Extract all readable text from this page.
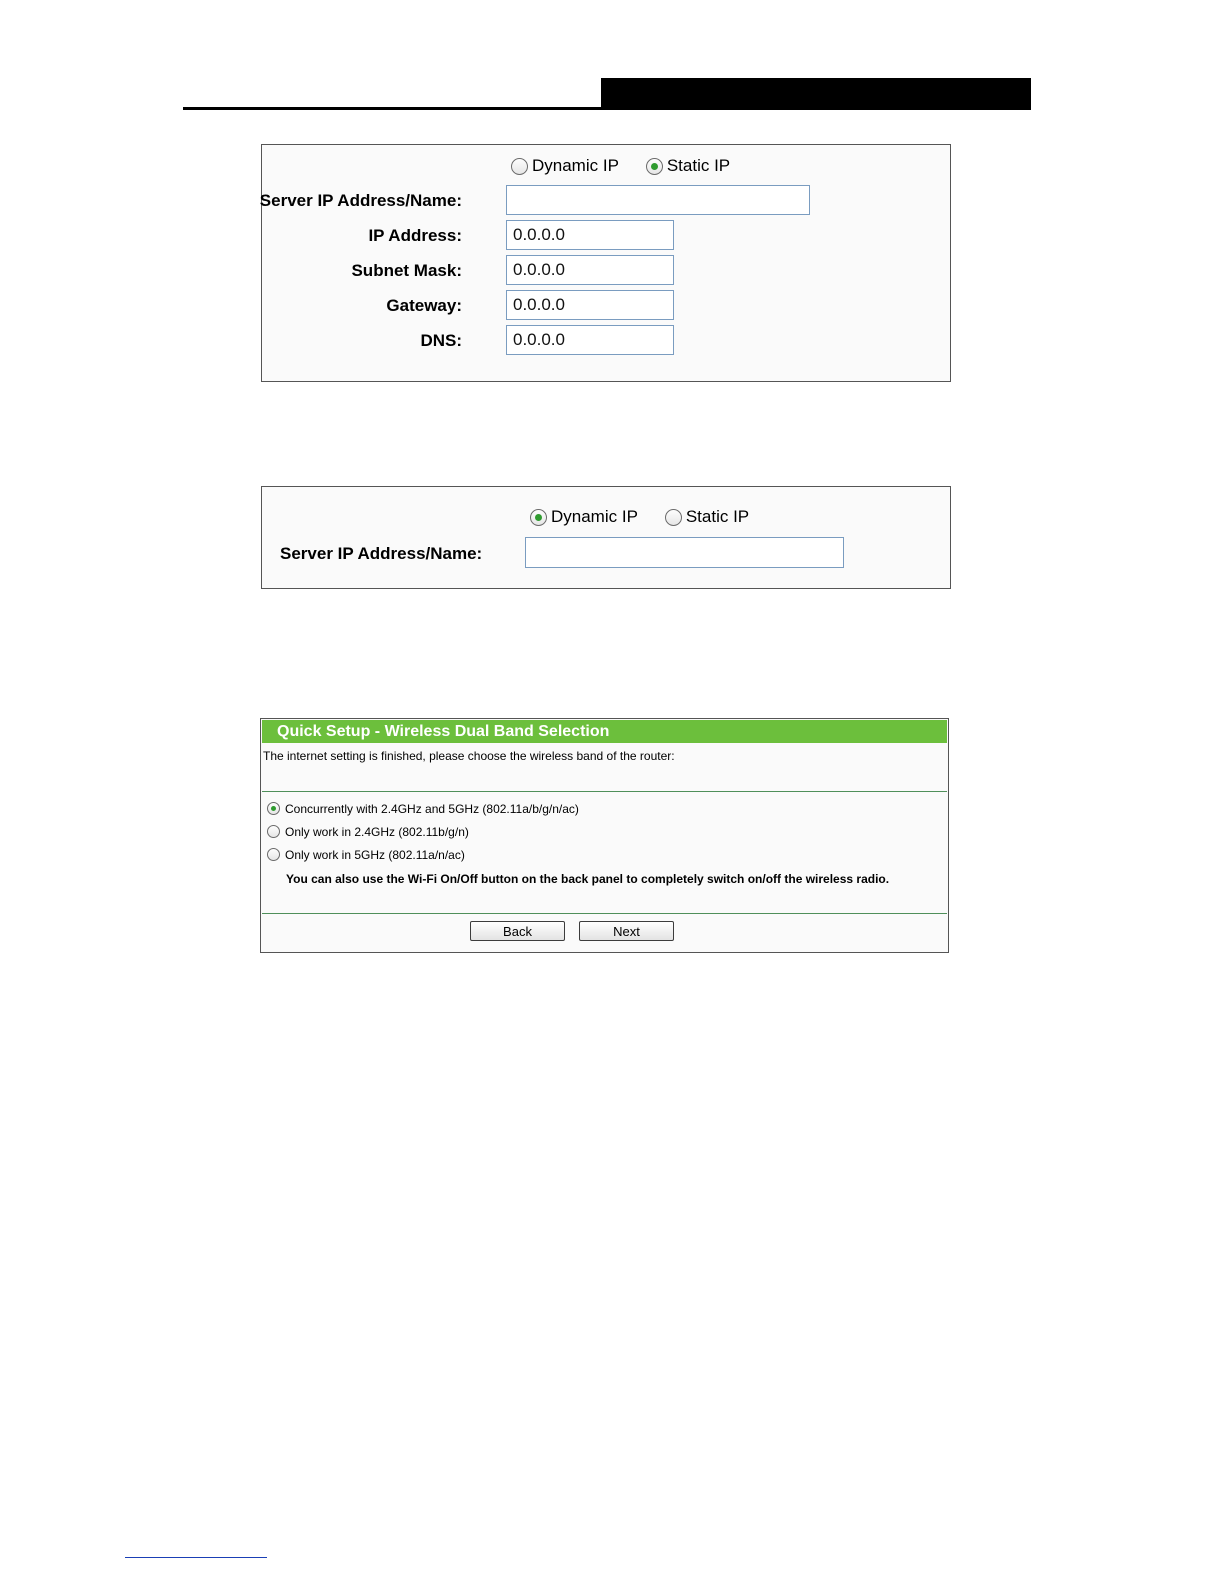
Dynamic IP	Static IP
Server IP Address/Name:
IP Address:
0.0.0.0
Subnet Mask:
0.0.0.0
Gateway:
0.0.0.0
DNS:
0.0.0.0
Dynamic IP	Static IP
Server IP Address/Name:
Quick Setup - Wireless Dual Band Selection
The internet setting is finished, please choose the wireless band of the router:
Concurrently with 2.4GHz and 5GHz (802.11a/b/g/n/ac)
Only work in 2.4GHz (802.11b/g/n)
Only work in 5GHz (802.11a/n/ac)
You can also use the Wi-Fi On/Off button on the back panel to completely switch on/off the wireless radio.
Back	Next
